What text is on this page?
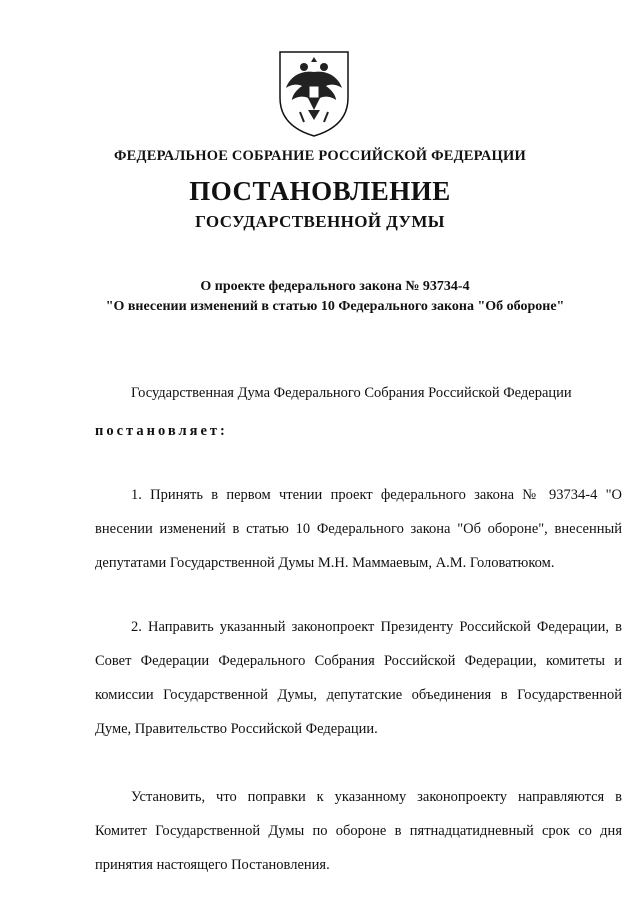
ФЕДЕРАЛЬНОЕ СОБРАНИЕ РОССИЙСКОЙ ФЕДЕРАЦИИ
ПОСТАНОВЛЕНИЕ
ГОСУДАРСТВЕННОЙ ДУМЫ
О проекте федерального закона № 93734-4
"О внесении изменений в статью 10 Федерального закона "Об обороне"
Государственная Дума Федерального Собрания Российской Федерации
постановляет:
1. Принять в первом чтении проект федерального закона № 93734-4 "О внесении изменений в статью 10 Федерального закона "Об обороне", внесенный депутатами Государственной Думы М.Н. Маммаевым, А.М. Головатюком.
2. Направить указанный законопроект Президенту Российской Федерации, в Совет Федерации Федерального Собрания Российской Федерации, комитеты и комиссии Государственной Думы, депутатские объединения в Государственной Думе, Правительство Российской Федерации.
Установить, что поправки к указанному законопроекту направляются в Комитет Государственной Думы по обороне в пятнадцатидневный срок со дня принятия настоящего Постановления.
